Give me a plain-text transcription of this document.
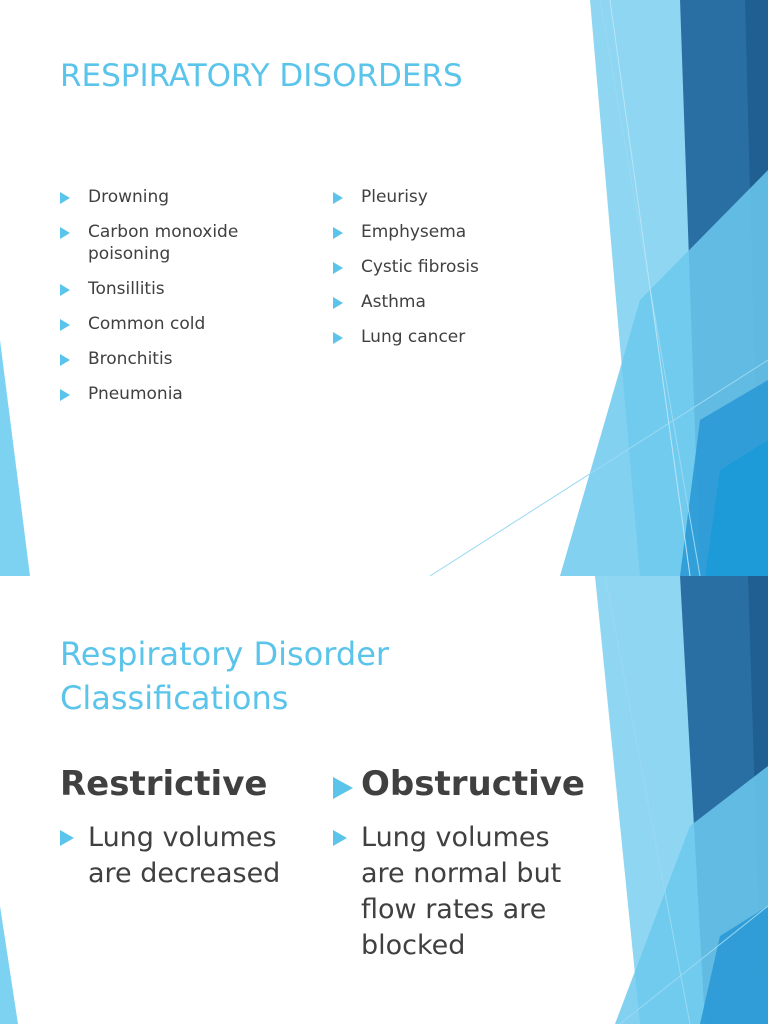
RESPIRATORY DISORDERS
Drowning
Carbon monoxide poisoning
Tonsillitis
Common cold
Bronchitis
Pneumonia
Pleurisy
Emphysema
Cystic fibrosis
Asthma
Lung cancer
Respiratory Disorder Classifications
Restrictive	Obstructive
Lung volumes are decreased
Lung volumes are normal but flow rates are blocked
